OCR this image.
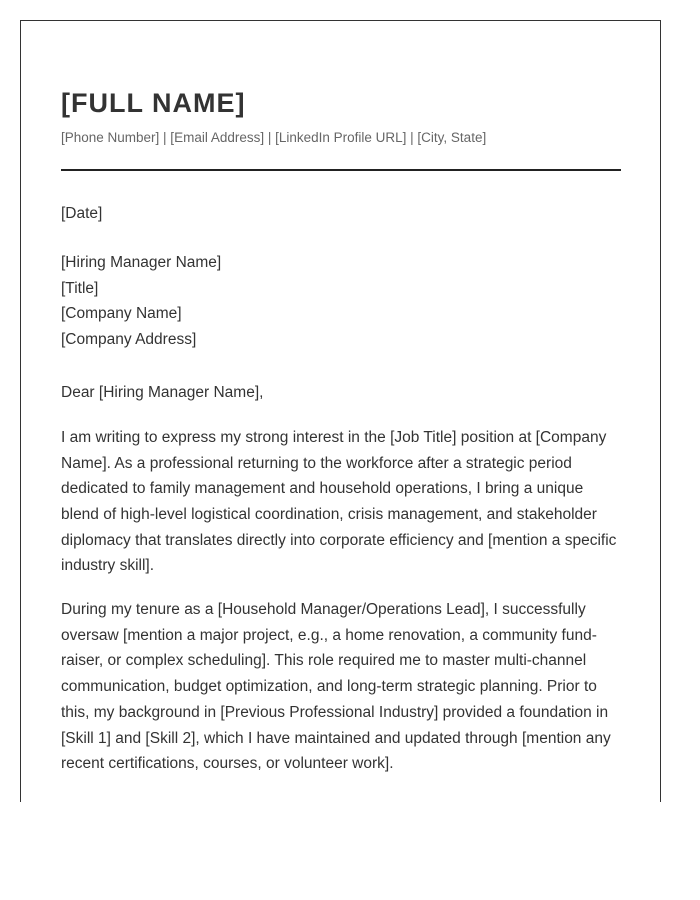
[FULL NAME]
[Phone Number] | [Email Address] | [LinkedIn Profile URL] | [City, State]
[Date]
[Hiring Manager Name]
[Title]
[Company Name]
[Company Address]
Dear [Hiring Manager Name],

I am writing to express my strong interest in the [Job Title] position at [Company Name]. As a professional returning to the workforce after a strategic period dedicated to family management and household operations, I bring a unique blend of high-level logistical coordination, crisis management, and stakeholder diplomacy that translates directly into corporate efficiency and [mention a specific industry skill].

During my tenure as a [Household Manager/Operations Lead], I successfully oversaw [mention a major project, e.g., a home renovation, a community fund-raiser, or complex scheduling]. This role required me to master multi-channel communication, budget optimization, and long-term strategic planning. Prior to this, my background in [Previous Professional Industry] provided a foundation in [Skill 1] and [Skill 2], which I have maintained and updated through [mention any recent certifications, courses, or volunteer work].
